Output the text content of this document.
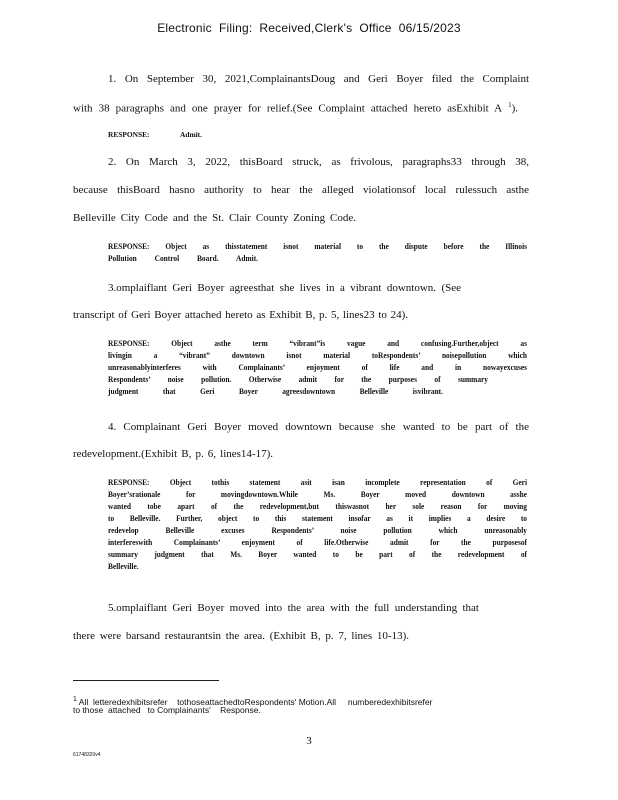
Electronic  Filing:  Received,Clerk's  Office  06/15/2023
1. On September 30, 2021,ComplainantsDoug and Geri Boyer filed the Complaint
with 38 paragraphs and one prayer for relief.(See Complaint attached hereto asExhibit A $^1$).
RESPONSE:	Admit.
2. On March 3, 2022, thisBoard struck, as frivolous, paragraphs33 through 38,
because thisBoard hasno authority to hear the alleged violationsof local rulessuch asthe
Belleville City Code and the St. Clair County Zoning Code.
RESPONSE: Object as thisstatement isnot material to the dispute before the Illinois
Pollution Control Board. Admit.
3.omplaiflant Geri Boyer agreesthat she lives in a vibrant downtown. (See
transcript of Geri Boyer attached hereto as Exhibit B, p. 5, lines23 to 24).
RESPONSE: Object asthe term “vibrant”is vague and confusing.Further,object as
livingin a “vibrant” downtown isnot material toRespondents’ noisepollution which
unreasonablyinterferes with Complainants’ enjoyment of life and in nowayexcuses
Respondents’ noise pollution. Otherwise admit for the purposes of summary
judgment that Geri Boyer agreesdowntown Belleville isvibrant.
4. Complainant Geri Boyer moved downtown because she wanted to be part of the
redevelopment.(Exhibit B, p. 6, lines14-17).
RESPONSE: Object tothis statement asit isan incomplete representation of Geri
Boyer’srationale for movingdowntown.While Ms. Boyer moved downtown asshe
wanted tobe apart of the redevelopment,but thiswasnot her sole reason for moving
to Belleville. Further, object to this statement insofar as it implies a desire to
redevelop Belleville excuses Respondents’ noise pollution which unreasonably
interfereswith Complainants’ enjoyment of life.Otherwise admit for the purposesof
summary judgment that Ms. Boyer wanted to be part of the redevelopment of
Belleville.
5.omplaiflant Geri Boyer moved into the area with the full understanding that
there were barsand restaurantsin the area. (Exhibit B, p. 7, lines 10-13).
$^1$ All  letteredexhibitsrefer    tothoseattachedtoRespondents' Motion.All     numberedexhibitsrefer
to those  attached   to Complainants'    Response.
3
61748320v4
